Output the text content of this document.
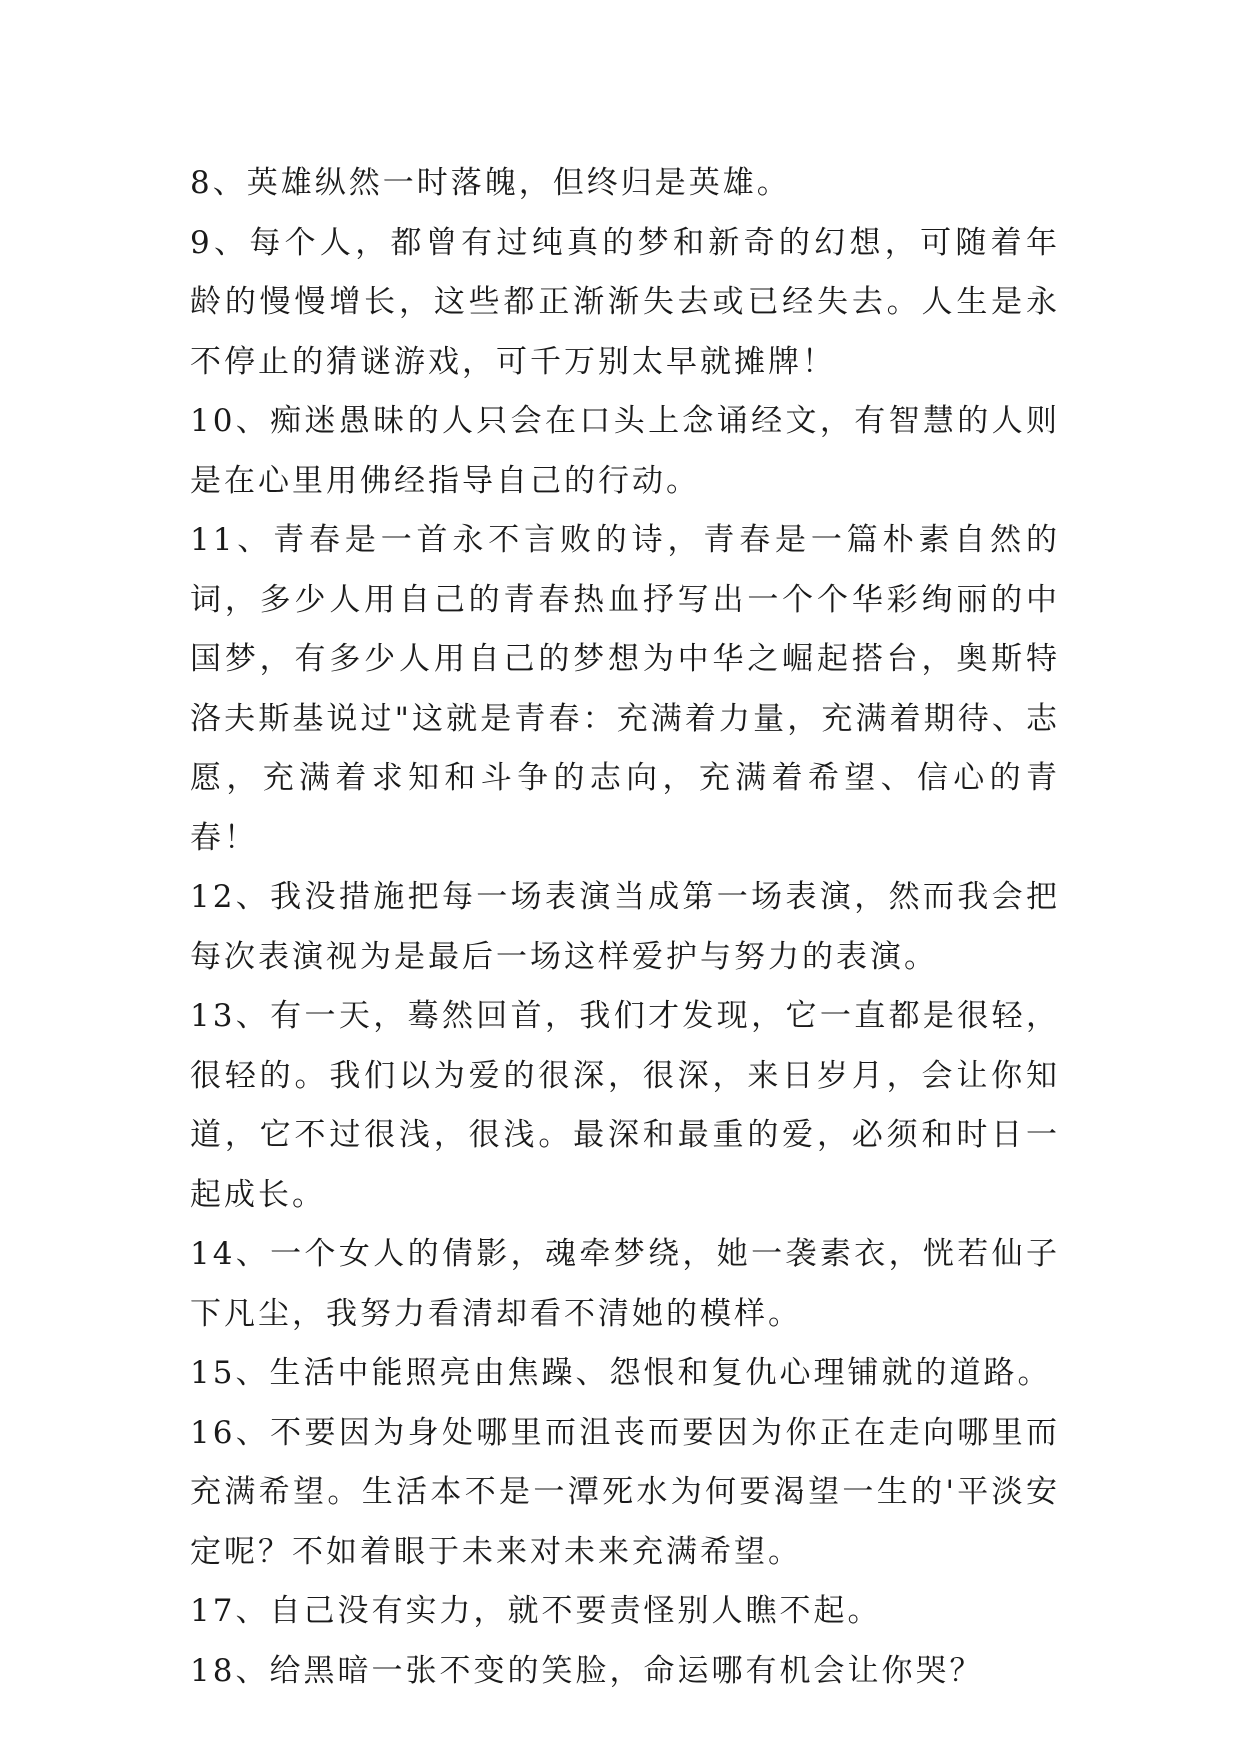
8、英雄纵然一时落魄，但终归是英雄。

9、每个人，都曾有过纯真的梦和新奇的幻想，可随着年龄的慢慢增长，这些都正渐渐失去或已经失去。人生是永不停止的猜谜游戏，可千万别太早就摊牌！

10、痴迷愚昧的人只会在口头上念诵经文，有智慧的人则是在心里用佛经指导自己的行动。

11、青春是一首永不言败的诗，青春是一篇朴素自然的词，多少人用自己的青春热血抒写出一个个华彩绚丽的中国梦，有多少人用自己的梦想为中华之崛起搭台，奥斯特洛夫斯基说过"这就是青春：充满着力量，充满着期待、志愿，充满着求知和斗争的志向，充满着希望、信心的青春！

12、我没措施把每一场表演当成第一场表演，然而我会把每次表演视为是最后一场这样爱护与努力的表演。

13、有一天，蓦然回首，我们才发现，它一直都是很轻，很轻的。我们以为爱的很深，很深，来日岁月，会让你知道，它不过很浅，很浅。最深和最重的爱，必须和时日一起成长。

14、一个女人的倩影，魂牵梦绕，她一袭素衣，恍若仙子下凡尘，我努力看清却看不清她的模样。

15、生活中能照亮由焦躁、怨恨和复仇心理铺就的道路。

16、不要因为身处哪里而沮丧而要因为你正在走向哪里而充满希望。生活本不是一潭死水为何要渴望一生的'平淡安定呢？不如着眼于未来对未来充满希望。

17、自己没有实力，就不要责怪别人瞧不起。

18、给黑暗一张不变的笑脸，命运哪有机会让你哭？
